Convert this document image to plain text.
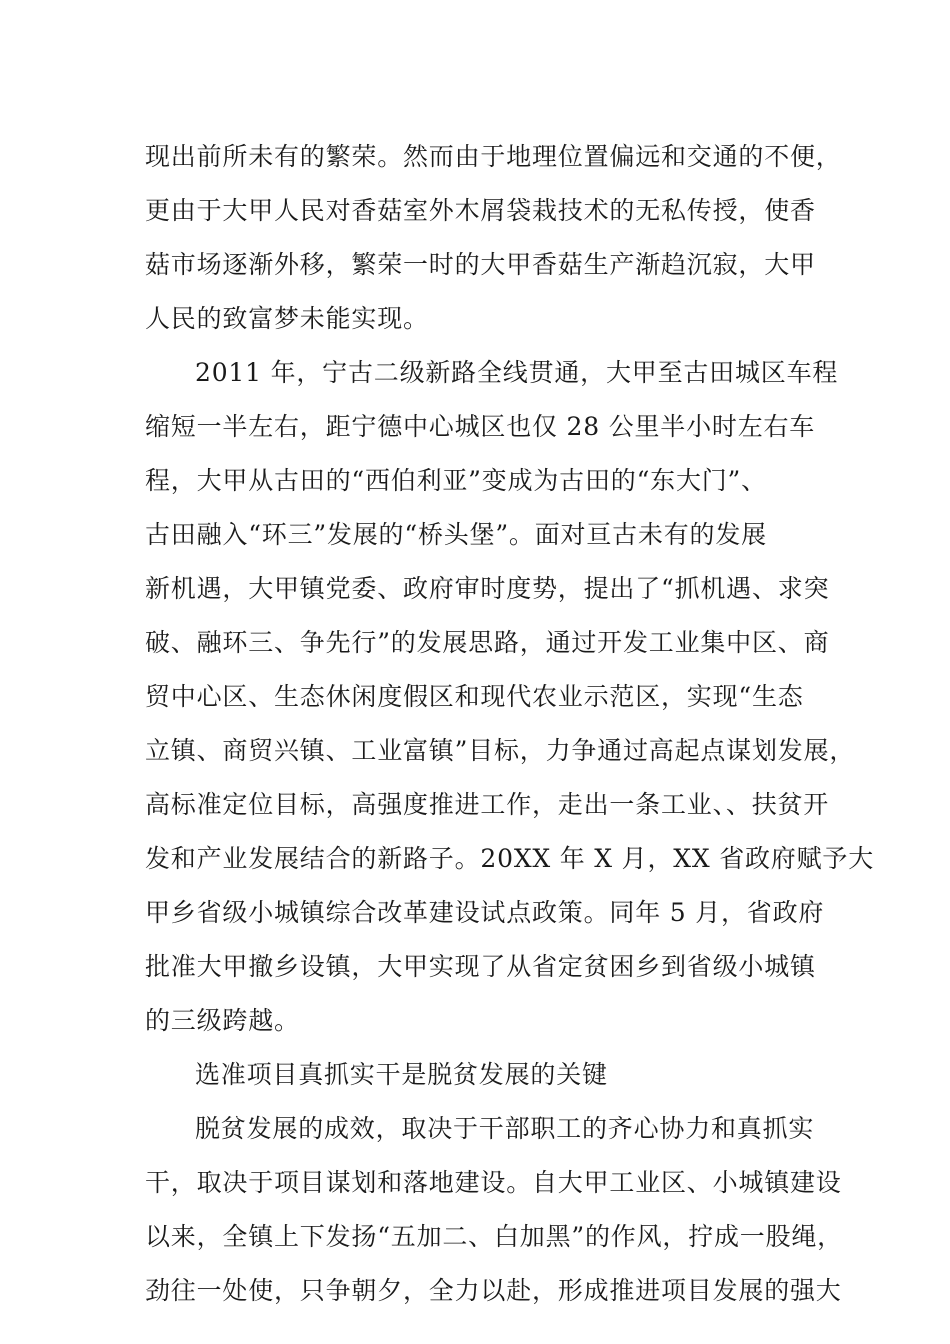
现出前所未有的繁荣。然而由于地理位置偏远和交通的不便，
更由于大甲人民对香菇室外木屑袋栽技术的无私传授，使香
菇市场逐渐外移，繁荣一时的大甲香菇生产渐趋沉寂，大甲
人民的致富梦未能实现。
2011 年，宁古二级新路全线贯通，大甲至古田城区车程
缩短一半左右，距宁德中心城区也仅 28 公里半小时左右车
程，大甲从古田的“西伯利亚”变成为古田的“东大门”、
古田融入“环三”发展的“桥头堡”。面对亘古未有的发展
新机遇，大甲镇党委、政府审时度势，提出了“抓机遇、求突
破、融环三、争先行”的发展思路，通过开发工业集中区、商
贸中心区、生态休闲度假区和现代农业示范区，实现“生态
立镇、商贸兴镇、工业富镇”目标，力争通过高起点谋划发展，
高标准定位目标，高强度推进工作，走出一条工业、、扶贫开
发和产业发展结合的新路子。20XX 年 X 月，XX 省政府赋予大
甲乡省级小城镇综合改革建设试点政策。同年 5 月，省政府
批准大甲撤乡设镇，大甲实现了从省定贫困乡到省级小城镇
的三级跨越。
选准项目真抓实干是脱贫发展的关键
脱贫发展的成效，取决于干部职工的齐心协力和真抓实
干，取决于项目谋划和落地建设。自大甲工业区、小城镇建设
以来，全镇上下发扬“五加二、白加黑”的作风，拧成一股绳，
劲往一处使，只争朝夕，全力以赴，形成推进项目发展的强大
